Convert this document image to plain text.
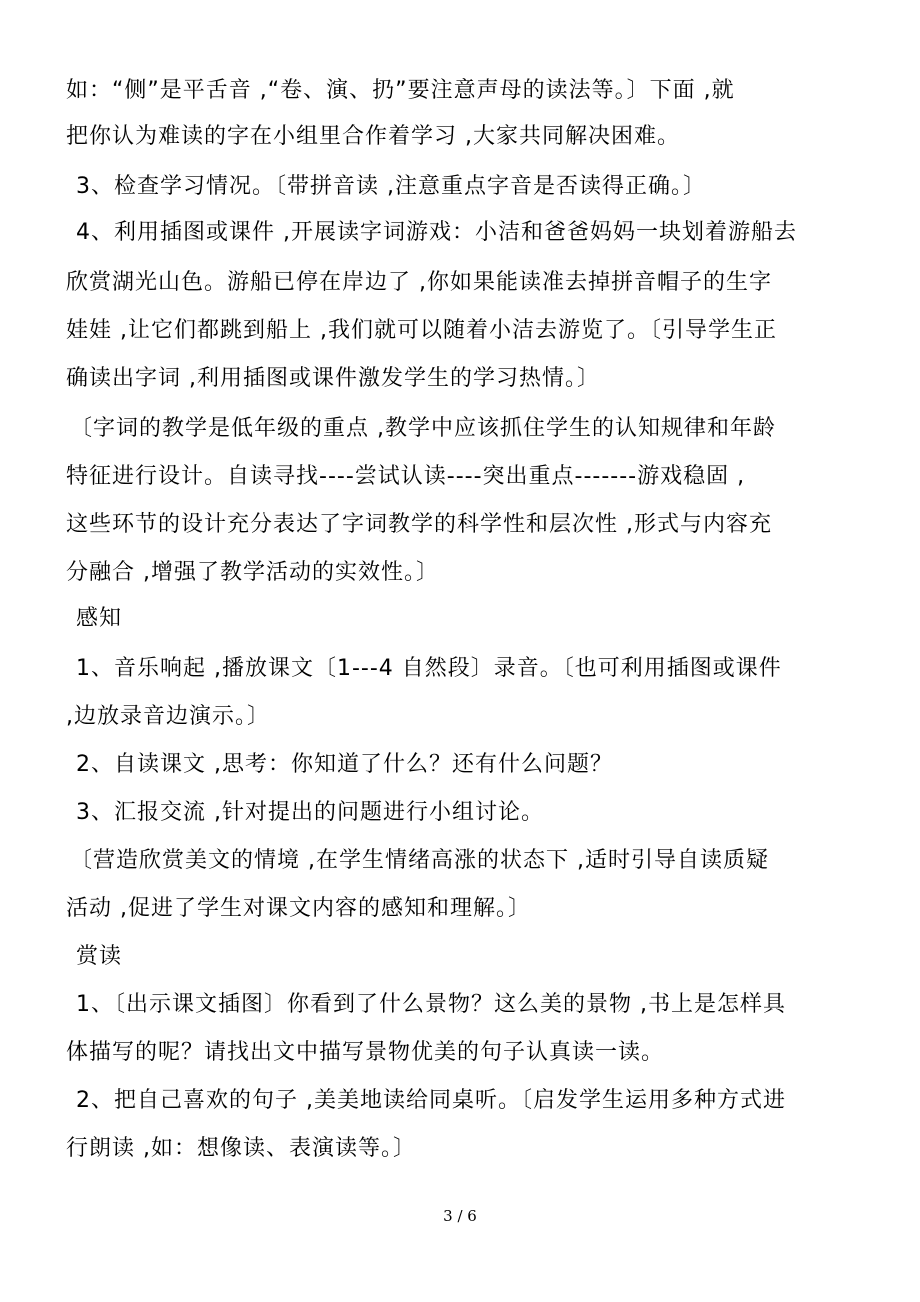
如：“侧”是平舌音 ,“卷、演、扔”要注意声母的读法等。〕下面 ,就
把你认为难读的字在小组里合作着学习 ,大家共同解决困难。
3、检查学习情况。〔带拼音读 ,注意重点字音是否读得正确。〕
4、利用插图或课件 ,开展读字词游戏：小洁和爸爸妈妈一块划着游船去
欣赏湖光山色。游船已停在岸边了 ,你如果能读准去掉拼音帽子的生字
娃娃 ,让它们都跳到船上 ,我们就可以随着小洁去游览了。〔引导学生正
确读出字词 ,利用插图或课件激发学生的学习热情。〕
〔字词的教学是低年级的重点 ,教学中应该抓住学生的认知规律和年龄
特征进行设计。自读寻找----尝试认读----突出重点-------游戏稳固 ,
这些环节的设计充分表达了字词教学的科学性和层次性 ,形式与内容充
分融合 ,增强了教学活动的实效性。〕
感知
1、音乐响起 ,播放课文〔1---4 自然段〕录音。〔也可利用插图或课件
,边放录音边演示。〕
2、自读课文 ,思考：你知道了什么？还有什么问题？
3、汇报交流 ,针对提出的问题进行小组讨论。
〔营造欣赏美文的情境 ,在学生情绪高涨的状态下 ,适时引导自读质疑
活动 ,促进了学生对课文内容的感知和理解。〕
赏读
1、〔出示课文插图〕你看到了什么景物？这么美的景物 ,书上是怎样具
体描写的呢？请找出文中描写景物优美的句子认真读一读。
2、把自己喜欢的句子 ,美美地读给同桌听。〔启发学生运用多种方式进
行朗读 ,如：想像读、表演读等。〕
3 / 6
